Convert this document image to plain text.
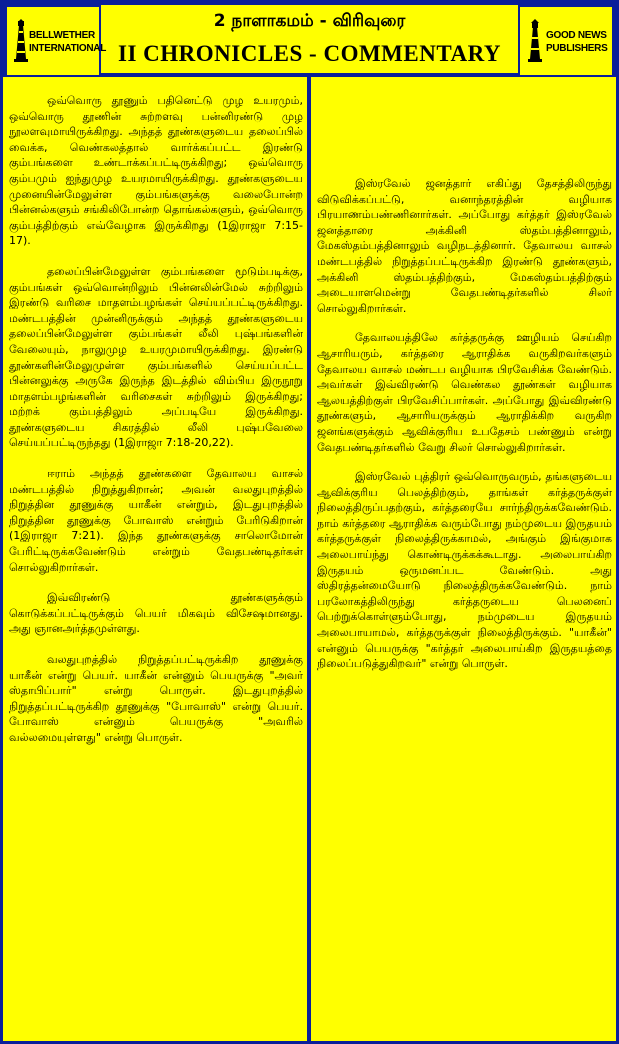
BELLWETHER
INTERNATIONAL
2 நாளாகமம் - விரிவுரை
II CHRONICLES - COMMENTARY
GOOD NEWS
PUBLISHERS

ஒவ்வொரு தூணும் பதினெட்டு முழ உயரமும், ஒவ்வொரு தூணின் சுற்றளவு பன்னிரண்டு முழ நூலளவுமாயிருக்கிறது. அந்தத் தூண்களுடைய தலைப்பில் வைக்க, வெண்கலத்தால் வார்க்கப்பட்ட இரண்டு கும்பங்களை உண்டாக்கப்பட்டிருக்கிறது; ஒவ்வொரு கும்பமும் ஐந்துமுழ உயரமாயிருக்கிறது. தூண்களுடைய முனையின்மேலுள்ள கும்பங்களுக்கு வலைபோன்ற பின்னல்களும் சங்கிலிபோன்ற தொங்கல்களும், ஒவ்வொரு கும்பத்திற்கும் எவ்வேழாக இருக்கிறது (1இராஜா 7:15-17).

தலைப்பின்மேலுள்ள கும்பங்களை மூடும்படிக்கு, கும்பங்கள் ஒவ்வொன்றிலும் பின்னலின்மேல் சுற்றிலும் இரண்டு வரிசை மாதளம்பழங்கள் செய்யப்பட்டிருக்கிறது. மண்டபத்தின் முன்னிருக்கும் அந்தத் தூண்களுடைய தலைப்பின்மேலுள்ள கும்பங்கள் லீலி புஷ்பங்களின் வேலையும், நாலுமுழ உயரமுமாயிருக்கிறது. இரண்டு தூண்களின்மேலுமுள்ள கும்பங்களில் செய்யப்பட்ட பின்னலுக்கு அருகே இருந்த இடத்தில் விம்பிய இருநூறு மாதளம்பழங்களின் வரிசைகள் சுற்றிலும் இருக்கிறது; மற்றக் கும்பத்திலும் அப்படியே இருக்கிறது. தூண்களுடைய சிகரத்தில் லீலி புஷ்பவேலை செய்யப்பட்டிருந்தது (1இராஜா 7:18-20,22).

ஈராம் அந்தத் தூண்களை தேவாலய வாசல் மண்டபத்தில் நிறுத்துகிறான்; அவன் வலதுபுறத்தில் நிறுத்தின தூணுக்கு யாகீன் என்றும், இடதுபுறத்தில் நிறுத்தின தூணுக்கு போவாஸ் என்றும் பேரிடுகிறான் (1இராஜா 7:21). இந்த தூண்களுக்கு சாலொமோன் பேரிட்டிருக்கவேண்டும் என்றும் வேதபண்டிதர்கள் சொல்லுகிறார்கள்.

இவ்விரண்டு தூண்களுக்கும் கொடுக்கப்பட்டிருக்கும் பெயர் மிகவும் விசேஷமானது. அது ஞானஅர்த்தமுள்ளது.

வலதுபுறத்தில் நிறுத்தப்பட்டிருக்கிற தூணுக்கு யாகீன் என்று பெயர். யாகீன் என்னும் பெயருக்கு "அவர் ஸ்தாபிப்பார்" என்று பொருள். இடதுபுறத்தில் நிறுத்தப்பட்டிருக்கிற தூணுக்கு "போவாஸ்" என்று பெயர். போவாஸ் என்னும் பெயருக்கு "அவரில் வல்லமையுள்ளது" என்று பொருள்.

இஸ்ரவேல் ஜனத்தார் எகிப்து தேசத்திலிருந்து விடுவிக்கப்பட்டு, வனாந்தரத்தின் வழியாக பிரயாணம்பண்ணினார்கள். அப்போது கர்த்தர் இஸ்ரவேல் ஜனத்தாரை அக்கினி ஸ்தம்பத்தினாலும், மேகஸ்தம்பத்தினாலும் வழிநடத்தினார். தேவாலய வாசல் மண்டபத்தில் நிறுத்தப்பட்டிருக்கிற இரண்டு தூண்களும், அக்கினி ஸ்தம்பத்திற்கும், மேகஸ்தம்பத்திற்கும் அடையாளமென்று வேதபண்டிதர்களில் சிலர் சொல்லுகிறார்கள்.

தேவாலயத்திலே கர்த்தருக்கு ஊழியம் செய்கிற ஆசாரியரும், கர்த்தரை ஆராதிக்க வருகிறவர்களும் தேவாலய வாசல் மண்டப வழியாக பிரவேசிக்க வேண்டும். அவர்கள் இவ்விரண்டு வெண்கல தூண்கள் வழியாக ஆலயத்திற்குள் பிரவேசிப்பார்கள். அப்போது இவ்விரண்டு தூண்களும், ஆசாரியருக்கும் ஆராதிக்கிற வருகிற ஜனங்களுக்கும் ஆவிக்குரிய உபதேசம் பண்ணும் என்று வேதபண்டிதர்களில் வேறு சிலர் சொல்லுகிறார்கள்.

இஸ்ரவேல் புத்திரர் ஒவ்வொருவரும், தங்களுடைய ஆவிக்குரிய பெலத்திற்கும், தாங்கள் கர்த்தருக்குள் நிலைத்திருப்பதற்கும், கர்த்தரையே சார்ந்திருக்கவேண்டும். நாம் கர்த்தரை ஆராதிக்க வரும்போது நம்முடைய இருதயம் கர்த்தருக்குள் நிலைத்திருக்காமல், அங்கும் இங்குமாக அலைபாய்ந்து கொண்டிருக்கக்கூடாது. அலைபாய்கிற இருதயம் ஒருமனப்பட வேண்டும். அது ஸ்திரத்தன்மையோடு நிலைத்திருக்கவேண்டும். நாம் பரலோகத்திலிருந்து கர்த்தருடைய பெலனைப் பெற்றுக்கொள்ளும்போது, நம்முடைய இருதயம் அலைபாயாமல், கர்த்தருக்குள் நிலைத்திருக்கும். "யாகீன்" என்னும் பெயருக்கு "கர்த்தர் அலைபாய்கிற இருதயத்தை நிலைப்படுத்துகிறவர்" என்று பொருள்.
